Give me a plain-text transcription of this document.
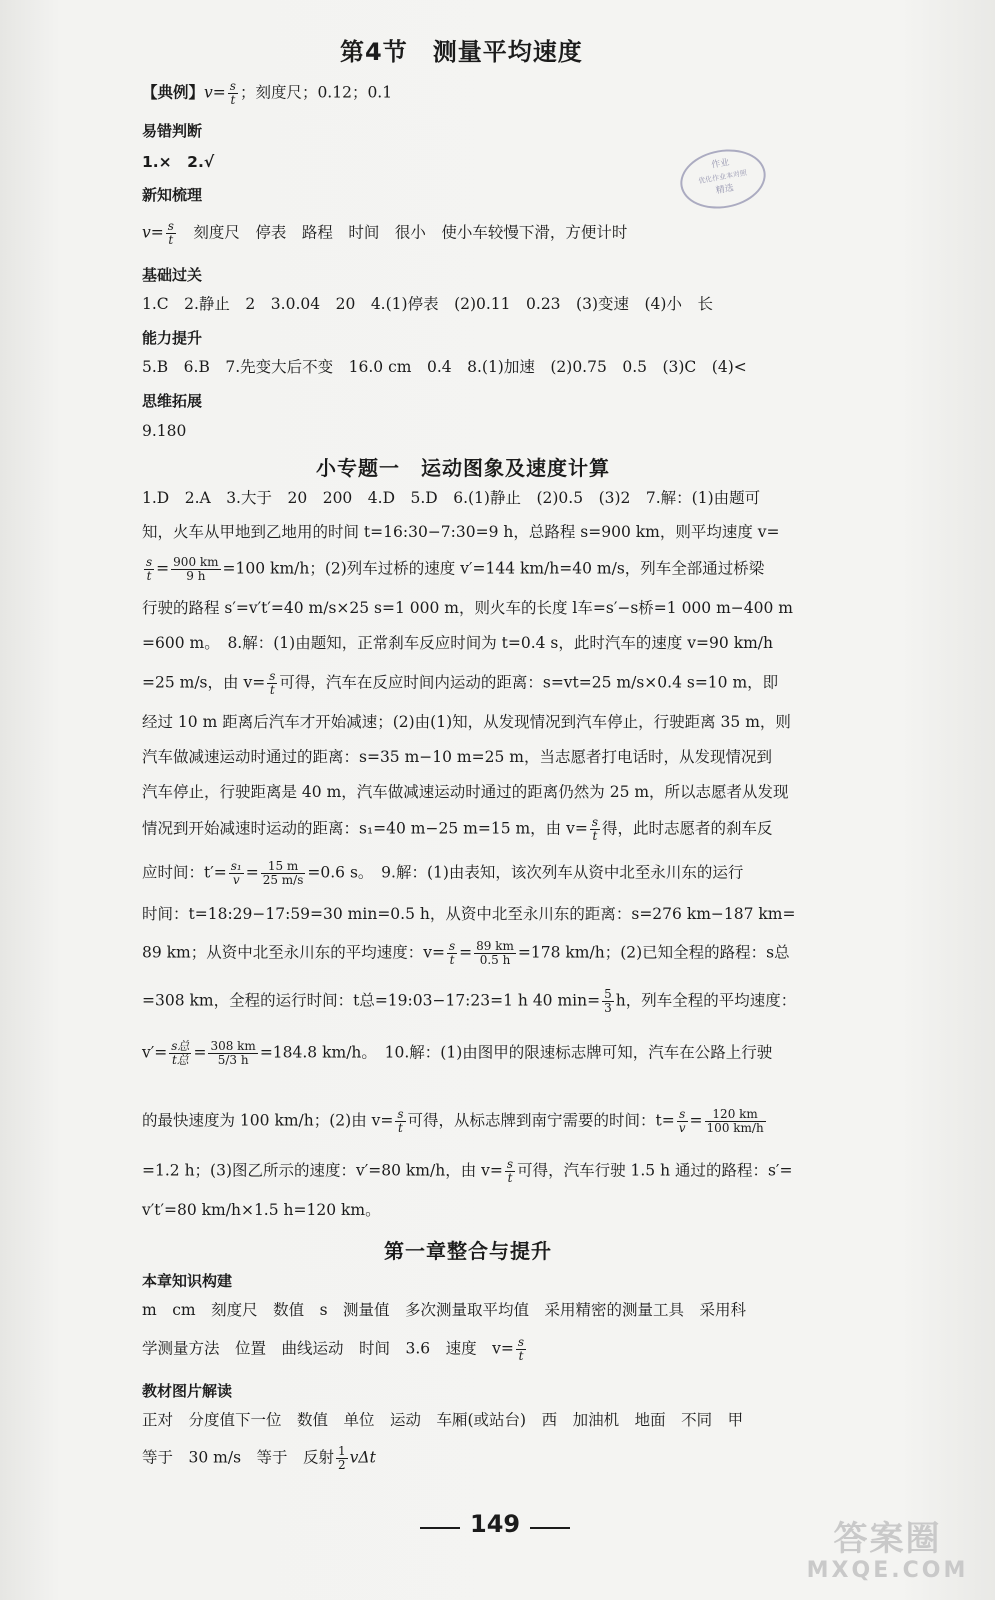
第4节　测量平均速度
【典例】$v= \frac{s}{t}$ ；刻度尺；0.12；0.1
易错判断
1.×　2.√
新知梳理
$v= \frac{s}{t}$ 　刻度尺　停表　路程　时间　很小　使小车较慢下滑，方便计时
基础过关
1.C　2.静止　2　3.0.04　20　4.(1)停表　(2)0.11　0.23　(3)变速　(4)小　长
能力提升
5.B　6.B　7.先变大后不变　16.0 cm　0.4　8.(1)加速　(2)0.75　0.5　(3)C　(4)<
思维拓展
9.180
作业
优化作业本对照
精选
小专题一　运动图象及速度计算
1.D　2.A　3.大于　20　200　4.D　5.D　6.(1)静止　(2)0.5　(3)2　7.解：(1)由题可
知，火车从甲地到乙地用的时间 t=16:30−7:30=9 h，总路程 s=900 km，则平均速度 v=
$\frac{s}{t} = \frac{900 km}{9 h} =100$ km/h；(2)列车过桥的速度 v′=144 km/h=40 m/s，列车全部通过桥梁
行驶的路程 s′=v′t′=40 m/s×25 s=1 000 m，则火车的长度 l车=s′−s桥=1 000 m−400 m
=600 m。　8.解：(1)由题知，正常刹车反应时间为 t=0.4 s，此时汽车的速度 v=90 km/h
=25 m/s，由 $v= \frac{s}{t}$ 可得，汽车在反应时间内运动的距离：s=vt=25 m/s×0.4 s=10 m，即
经过 10 m 距离后汽车才开始减速；(2)由(1)知，从发现情况到汽车停止，行驶距离 35 m，则
汽车做减速运动时通过的距离：s=35 m−10 m=25 m，当志愿者打电话时，从发现情况到
汽车停止，行驶距离是 40 m，汽车做减速运动时通过的距离仍然为 25 m，所以志愿者从发现
情况到开始减速时运动的距离：s₁=40 m−25 m=15 m，由 $v= \frac{s}{t}$ 得，此时志愿者的刹车反
应时间：$t'= \frac{\text{s₁}}{v} = \frac{15 m}{25 m/s} =0.6$ s。　9.解：(1)由表知，该次列车从资中北至永川东的运行
时间：t=18:29−17:59=30 min=0.5 h，从资中北至永川东的距离：s=276 km−187 km=
89 km；从资中北至永川东的平均速度：$v= \frac{s}{t} = \frac{89 km}{0.5 h} =178$ km/h；(2)已知全程的路程：s总
=308 km，全程的运行时间：t总=19:03−17:23=1 h 40 $\min= \frac{5}{3}$ h，列车全程的平均速度：
v′= s总
t总 = $\frac{308 km}{5/3 h} =184.8$ km/h。　10.解：(1)由图甲的限速标志牌可知，汽车在公路上行驶
的最快速度为 100 km/h；(2)由 $v= \frac{s}{t}$ 可得，从标志牌到南宁需要的时间：$t= \frac{s}{v} = \frac{120 km}{100 km/h}$
=1.2 h；(3)图乙所示的速度：v′=80 km/h，由 $v= \frac{s}{t}$ 可得，汽车行驶 1.5 h 通过的路程：s′=
v′t′=80 km/h×1.5 h=120 km。
第一章整合与提升
本章知识构建
m　cm　刻度尺　数值　s　测量值　多次测量取平均值　采用精密的测量工具　采用科
学测量方法　位置　曲线运动　时间　3.6　速度　$v= \frac{s}{t}$
教材图片解读
正对　分度值下一位　数值　单位　运动　车厢(或站台)　西　加油机　地面　不同　甲
等于　30 m/s　等于　反射 $\frac{1}{2}$ vΔt
149	答案圈
MXQE.COM
